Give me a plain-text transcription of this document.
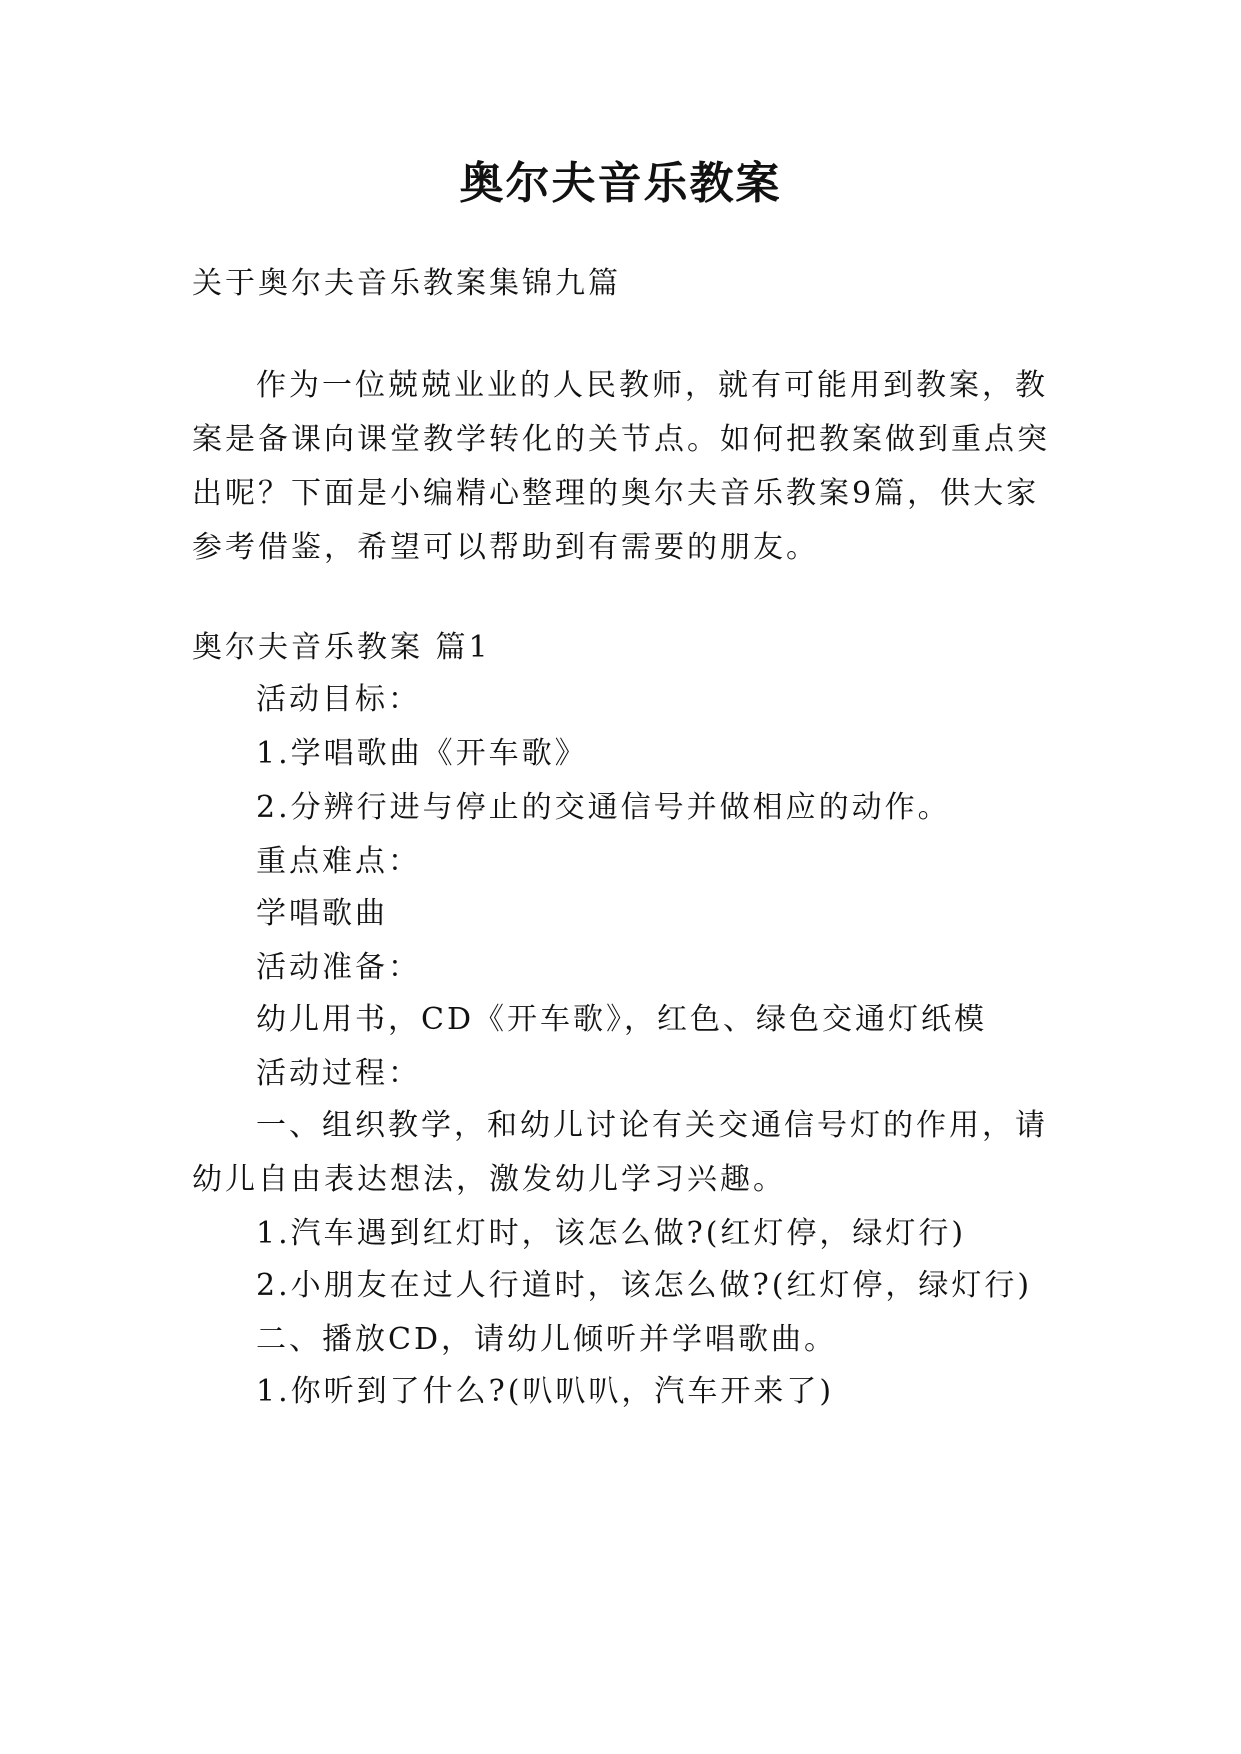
奥尔夫音乐教案
关于奥尔夫音乐教案集锦九篇
作为一位兢兢业业的人民教师，就有可能用到教案，教
案是备课向课堂教学转化的关节点。如何把教案做到重点突
出呢？下面是小编精心整理的奥尔夫音乐教案9篇，供大家
参考借鉴，希望可以帮助到有需要的朋友。
奥尔夫音乐教案 篇1
活动目标：
1.学唱歌曲《开车歌》
2.分辨行进与停止的交通信号并做相应的动作。
重点难点：
学唱歌曲
活动准备：
幼儿用书，CD《开车歌》，红色、绿色交通灯纸模
活动过程：
一、组织教学，和幼儿讨论有关交通信号灯的作用，请
幼儿自由表达想法，激发幼儿学习兴趣。
1.汽车遇到红灯时，该怎么做?(红灯停，绿灯行)
2.小朋友在过人行道时，该怎么做?(红灯停，绿灯行)
二、播放CD，请幼儿倾听并学唱歌曲。
1.你听到了什么?(叭叭叭，汽车开来了)
